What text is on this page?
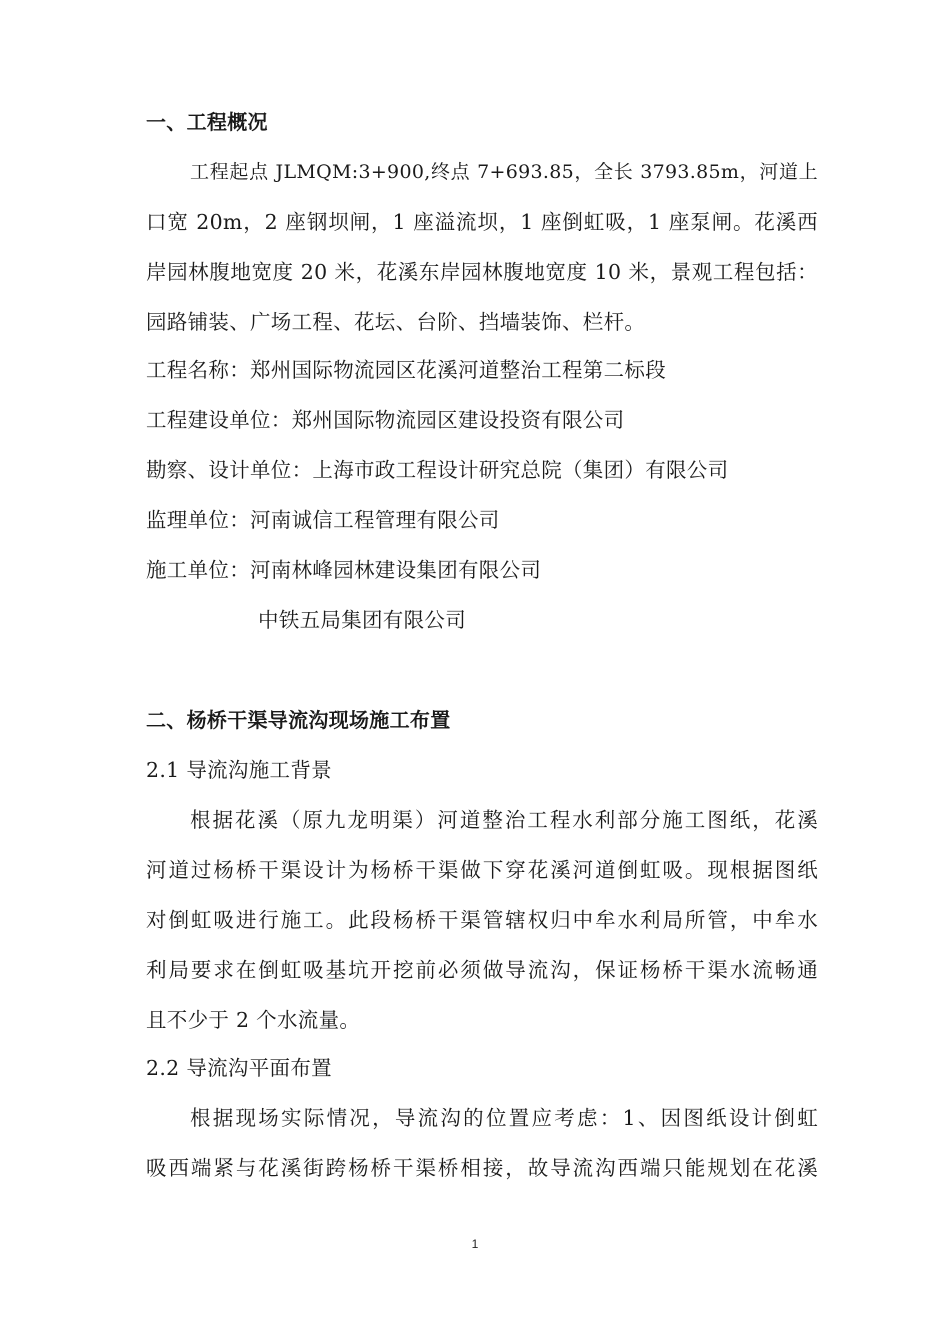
一、工程概况
工程起点 JLMQM:3+900,终点 7+693.85，全长 3793.85m，河道上
口宽 20m，2 座钢坝闸，1 座溢流坝，1 座倒虹吸，1 座泵闸。花溪西
岸园林腹地宽度 20 米，花溪东岸园林腹地宽度 10 米，景观工程包括：
园路铺装、广场工程、花坛、台阶、挡墙装饰、栏杆。
工程名称：郑州国际物流园区花溪河道整治工程第二标段
工程建设单位：郑州国际物流园区建设投资有限公司
勘察、设计单位：上海市政工程设计研究总院（集团）有限公司
监理单位：河南诚信工程管理有限公司
施工单位：河南林峰园林建设集团有限公司
中铁五局集团有限公司
二、杨桥干渠导流沟现场施工布置
2.1 导流沟施工背景
根据花溪（原九龙明渠）河道整治工程水利部分施工图纸，花溪
河道过杨桥干渠设计为杨桥干渠做下穿花溪河道倒虹吸。现根据图纸
对倒虹吸进行施工。此段杨桥干渠管辖权归中牟水利局所管，中牟水
利局要求在倒虹吸基坑开挖前必须做导流沟，保证杨桥干渠水流畅通
且不少于 2 个水流量。
2.2 导流沟平面布置
根据现场实际情况，导流沟的位置应考虑：1、因图纸设计倒虹
吸西端紧与花溪街跨杨桥干渠桥相接，故导流沟西端只能规划在花溪
1
